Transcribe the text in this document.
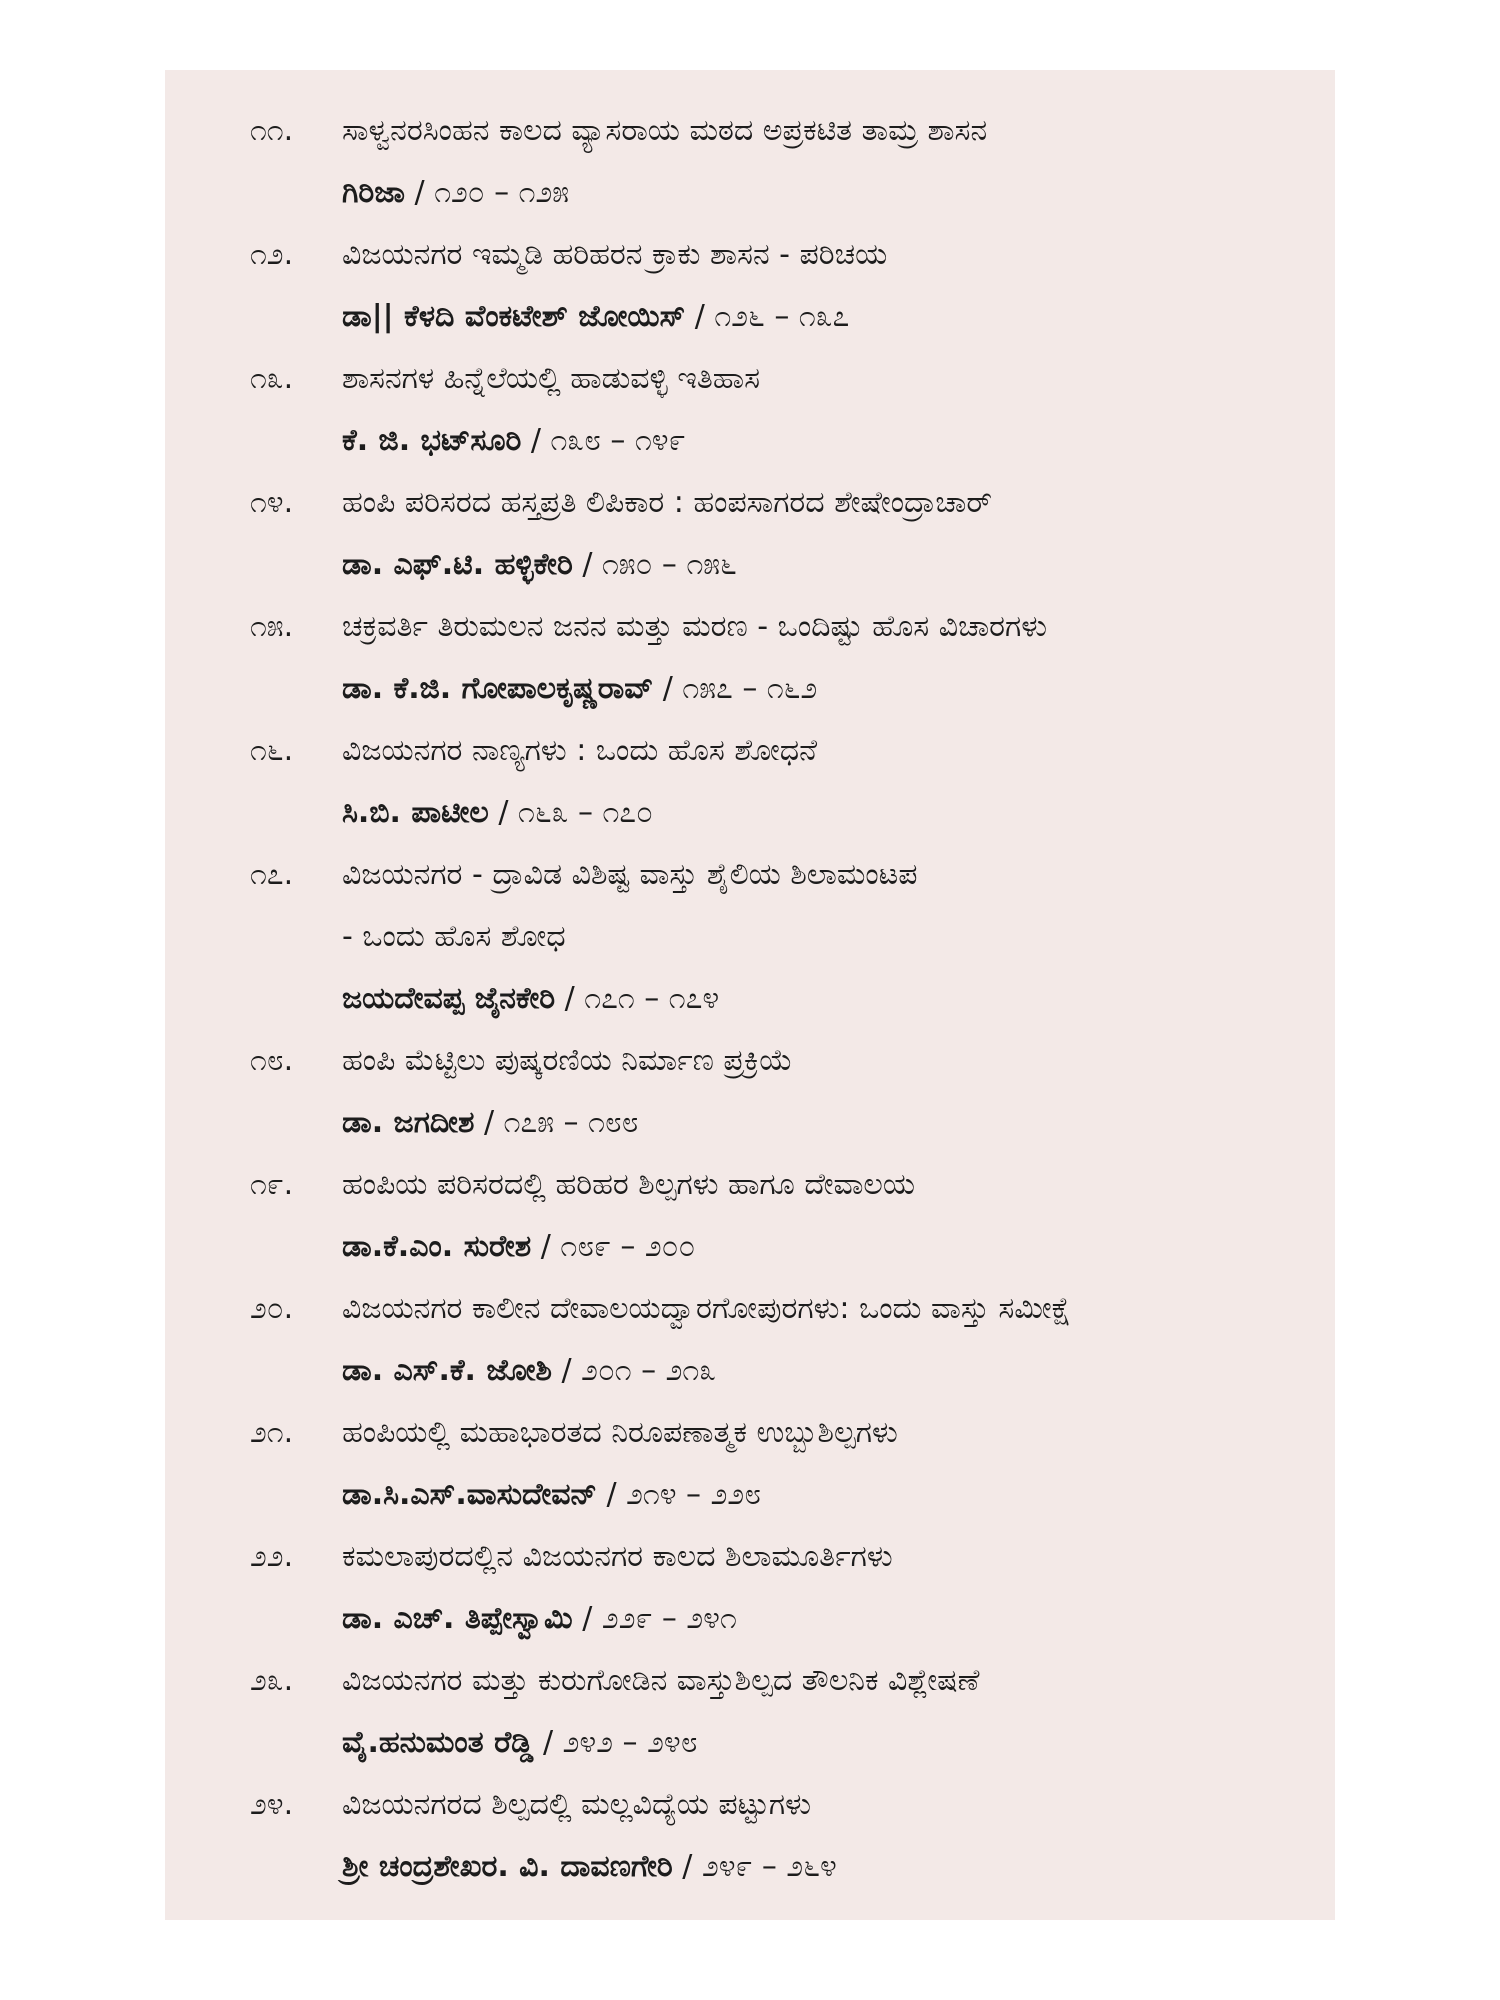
೧೧.	ಸಾಳ್ವನರಸಿಂಹನ ಕಾಲದ ವ್ಯಾಸರಾಯ ಮಠದ ಅಪ್ರಕಟಿತ ತಾಮ್ರ ಶಾಸನ
ಗಿರಿಜಾ / ೧೨೦ – ೧೨೫
೧೨.	ವಿಜಯನಗರ ಇಮ್ಮಡಿ ಹರಿಹರನ ಕ್ರಾಕು ಶಾಸನ - ಪರಿಚಯ
ಡಾ|| ಕೆಳದಿ ವೆಂಕಟೇಶ್ ಜೋಯಿಸ್ / ೧೨೬ – ೧೩೭
೧೩.	ಶಾಸನಗಳ ಹಿನ್ನೆಲೆಯಲ್ಲಿ ಹಾಡುವಳ್ಳಿ ಇತಿಹಾಸ
ಕೆ. ಜಿ. ಭಟ್‌ಸೂರಿ / ೧೩೮ – ೧೪೯
೧೪.	ಹಂಪಿ ಪರಿಸರದ ಹಸ್ತಪ್ರತಿ ಲಿಪಿಕಾರ : ಹಂಪಸಾಗರದ ಶೇಷೇಂದ್ರಾಚಾರ್
ಡಾ. ಎಫ್.ಟಿ. ಹಳ್ಳಿಕೇರಿ / ೧೫೦ – ೧೫೬
೧೫.	ಚಕ್ರವರ್ತಿ ತಿರುಮಲನ ಜನನ ಮತ್ತು ಮರಣ - ಒಂದಿಷ್ಟು ಹೊಸ ವಿಚಾರಗಳು
ಡಾ. ಕೆ.ಜಿ. ಗೋಪಾಲಕೃಷ್ಣರಾವ್ / ೧೫೭ – ೧೬೨
೧೬.	ವಿಜಯನಗರ ನಾಣ್ಯಗಳು : ಒಂದು ಹೊಸ ಶೋಧನೆ
ಸಿ.ಬಿ. ಪಾಟೀಲ / ೧೬೩ – ೧೭೦
೧೭.	ವಿಜಯನಗರ - ದ್ರಾವಿಡ ವಿಶಿಷ್ಟ ವಾಸ್ತು ಶೈಲಿಯ ಶಿಲಾಮಂಟಪ
- ಒಂದು ಹೊಸ ಶೋಧ
ಜಯದೇವಪ್ಪ ಜೈನಕೇರಿ / ೧೭೧ – ೧೭೪
೧೮.	ಹಂಪಿ ಮೆಟ್ಟಿಲು ಪುಷ್ಕರಣಿಯ ನಿರ್ಮಾಣ ಪ್ರಕ್ರಿಯೆ
ಡಾ. ಜಗದೀಶ / ೧೭೫ – ೧೮೮
೧೯.	ಹಂಪಿಯ ಪರಿಸರದಲ್ಲಿ ಹರಿಹರ ಶಿಲ್ಪಗಳು ಹಾಗೂ ದೇವಾಲಯ
ಡಾ.ಕೆ.ಎಂ. ಸುರೇಶ / ೧೮೯ – ೨೦೦
೨೦.	ವಿಜಯನಗರ ಕಾಲೀನ ದೇವಾಲಯದ್ವಾರಗೋಪುರಗಳು: ಒಂದು ವಾಸ್ತು ಸಮೀಕ್ಷೆ
ಡಾ. ಎಸ್.ಕೆ. ಜೋಶಿ / ೨೦೧ – ೨೧೩
೨೧.	ಹಂಪಿಯಲ್ಲಿ ಮಹಾಭಾರತದ ನಿರೂಪಣಾತ್ಮಕ ಉಬ್ಬುಶಿಲ್ಪಗಳು
ಡಾ.ಸಿ.ಎಸ್.ವಾಸುದೇವನ್ / ೨೧೪ – ೨೨೮
೨೨.	ಕಮಲಾಪುರದಲ್ಲಿನ ವಿಜಯನಗರ ಕಾಲದ ಶಿಲಾಮೂರ್ತಿಗಳು
ಡಾ. ಎಚ್. ತಿಪ್ಪೇಸ್ವಾಮಿ / ೨೨೯ – ೨೪೧
೨೩.	ವಿಜಯನಗರ ಮತ್ತು ಕುರುಗೋಡಿನ ವಾಸ್ತುಶಿಲ್ಪದ ತೌಲನಿಕ ವಿಶ್ಲೇಷಣೆ
ವೈ.ಹನುಮಂತ ರೆಡ್ಡಿ / ೨೪೨ – ೨೪೮
೨೪.	ವಿಜಯನಗರದ ಶಿಲ್ಪದಲ್ಲಿ ಮಲ್ಲವಿದ್ಯೆಯ ಪಟ್ಟುಗಳು
ಶ್ರೀ ಚಂದ್ರಶೇಖರ. ವಿ. ದಾವಣಗೇರಿ / ೨೪೯ – ೨೬೪
